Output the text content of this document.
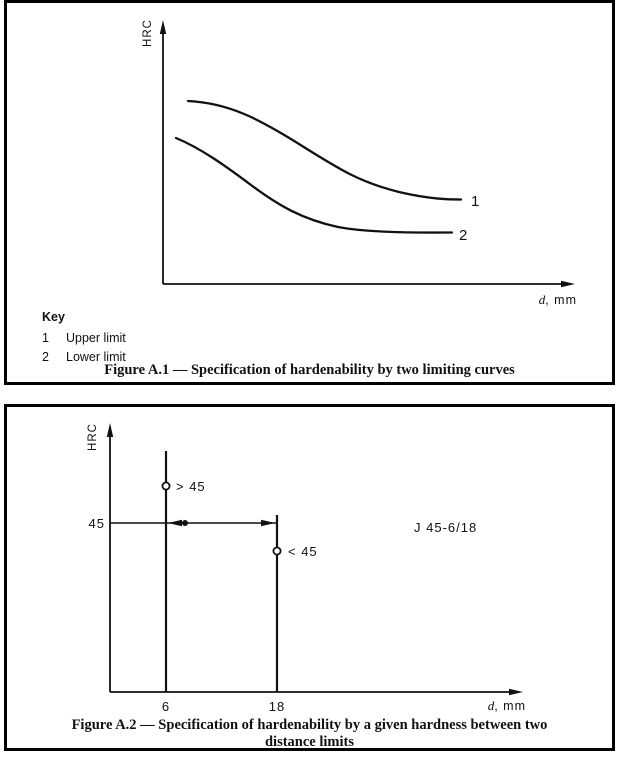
HRC
d, mm
1
2
Key
1	Upper limit
2	Lower limit
Figure A.1 — Specification of hardenability by two limiting curves
HRC
d, mm
> 45
< 45
45	J 45-6/18
6	18
Figure A.2 — Specification of hardenability by a given hardness between two
distance limits
